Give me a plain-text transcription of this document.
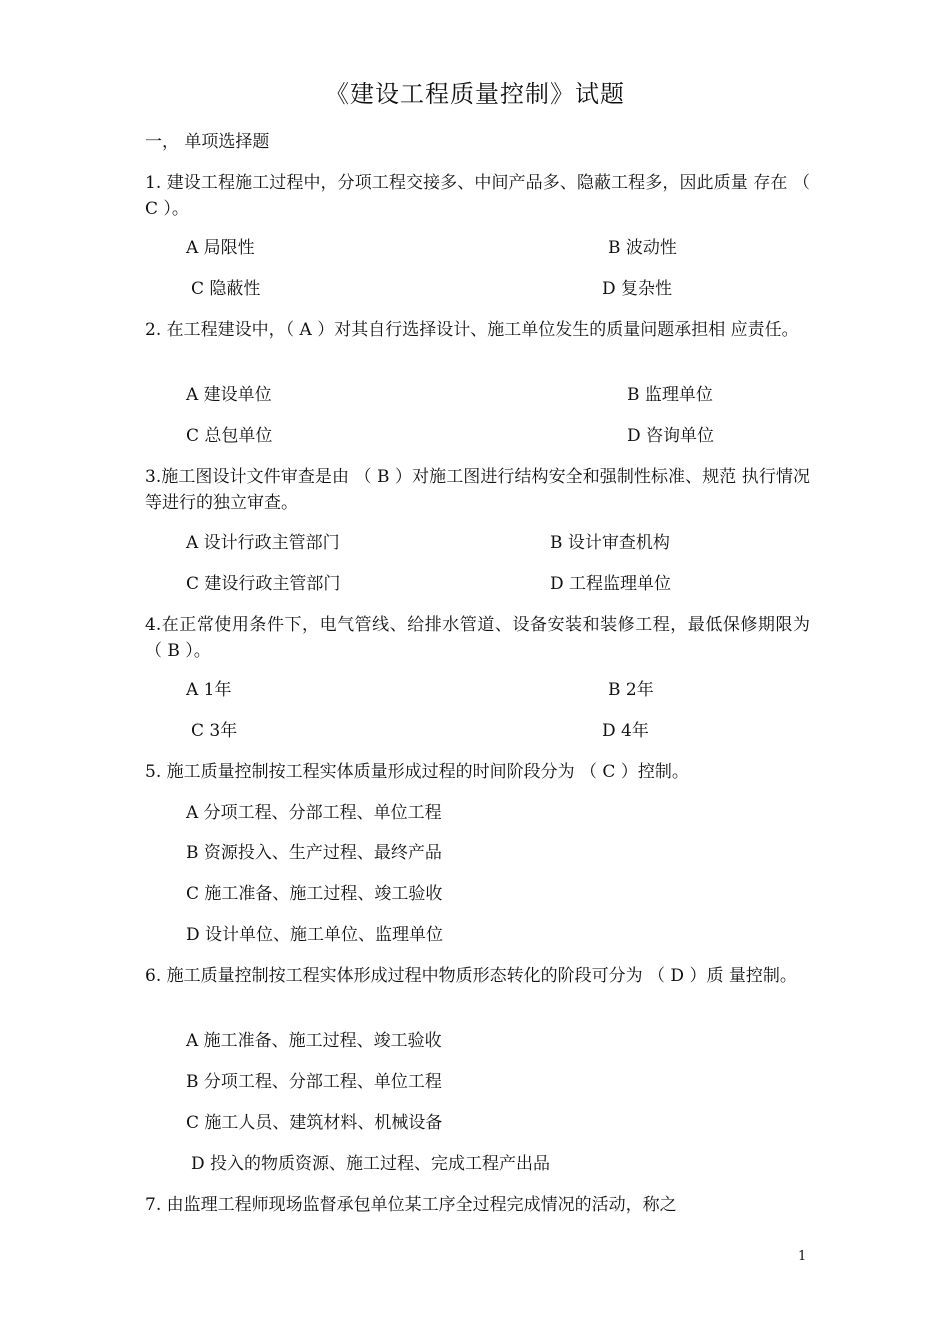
《建设工程质量控制》试题
一， 单项选择题
1. 建设工程施工过程中，分项工程交接多、中间产品多、隐蔽工程多，因此质量 存在 （ C ）。
A 局限性	B 波动性
C 隐蔽性	D 复杂性
2. 在工程建设中，（ A ）对其自行选择设计、施工单位发生的质量问题承担相 应责任。
A 建设单位	B 监理单位
C 总包单位	D 咨询单位
3.施工图设计文件审查是由 （ B ）对施工图进行结构安全和强制性标准、规范 执行情况等进行的独立审查。
A 设计行政主管部门	B 设计审查机构
C 建设行政主管部门	D 工程监理单位
4.在正常使用条件下，电气管线、给排水管道、设备安装和装修工程，最低保修期限为 （ B ）。
A 1年	B 2年
C 3年	D 4年
5. 施工质量控制按工程实体质量形成过程的时间阶段分为 （ C ）控制。
A 分项工程、分部工程、单位工程
B 资源投入、生产过程、最终产品
C 施工准备、施工过程、竣工验收
D 设计单位、施工单位、监理单位
6. 施工质量控制按工程实体形成过程中物质形态转化的阶段可分为 （ D ）质 量控制。
A 施工准备、施工过程、竣工验收
B 分项工程、分部工程、单位工程
C 施工人员、建筑材料、机械设备
D 投入的物质资源、施工过程、完成工程产出品
7. 由监理工程师现场监督承包单位某工序全过程完成情况的活动，称之
1
